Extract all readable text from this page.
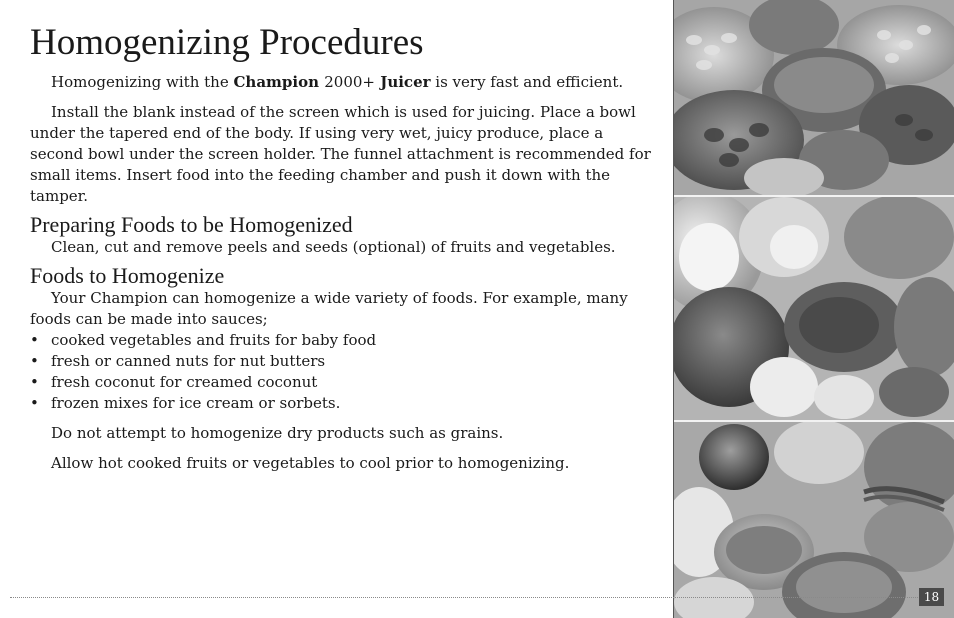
Homogenizing Procedures

Homogenizing with the Champion 2000+ Juicer is very fast and efficient.

Install the blank instead of the screen which is used for juicing. Place a bowl under the tapered end of the body. If using very wet, juicy produce, place a second bowl under the screen holder. The funnel attachment is recommended for small items. Insert food into the feeding chamber and push it down with the tamper.

Preparing Foods to be Homogenized

Clean, cut and remove peels and seeds (optional) of fruits and vegetables.

Foods to Homogenize

Your Champion can homogenize a wide variety of foods. For example, many foods can be made into sauces;

• cooked vegetables and fruits for baby food
• fresh or canned nuts for nut butters
• fresh coconut for creamed coconut
• frozen mixes for ice cream or sorbets.

Do not attempt to homogenize dry products such as grains.

Allow hot cooked fruits or vegetables to cool prior to homogenizing.

18
